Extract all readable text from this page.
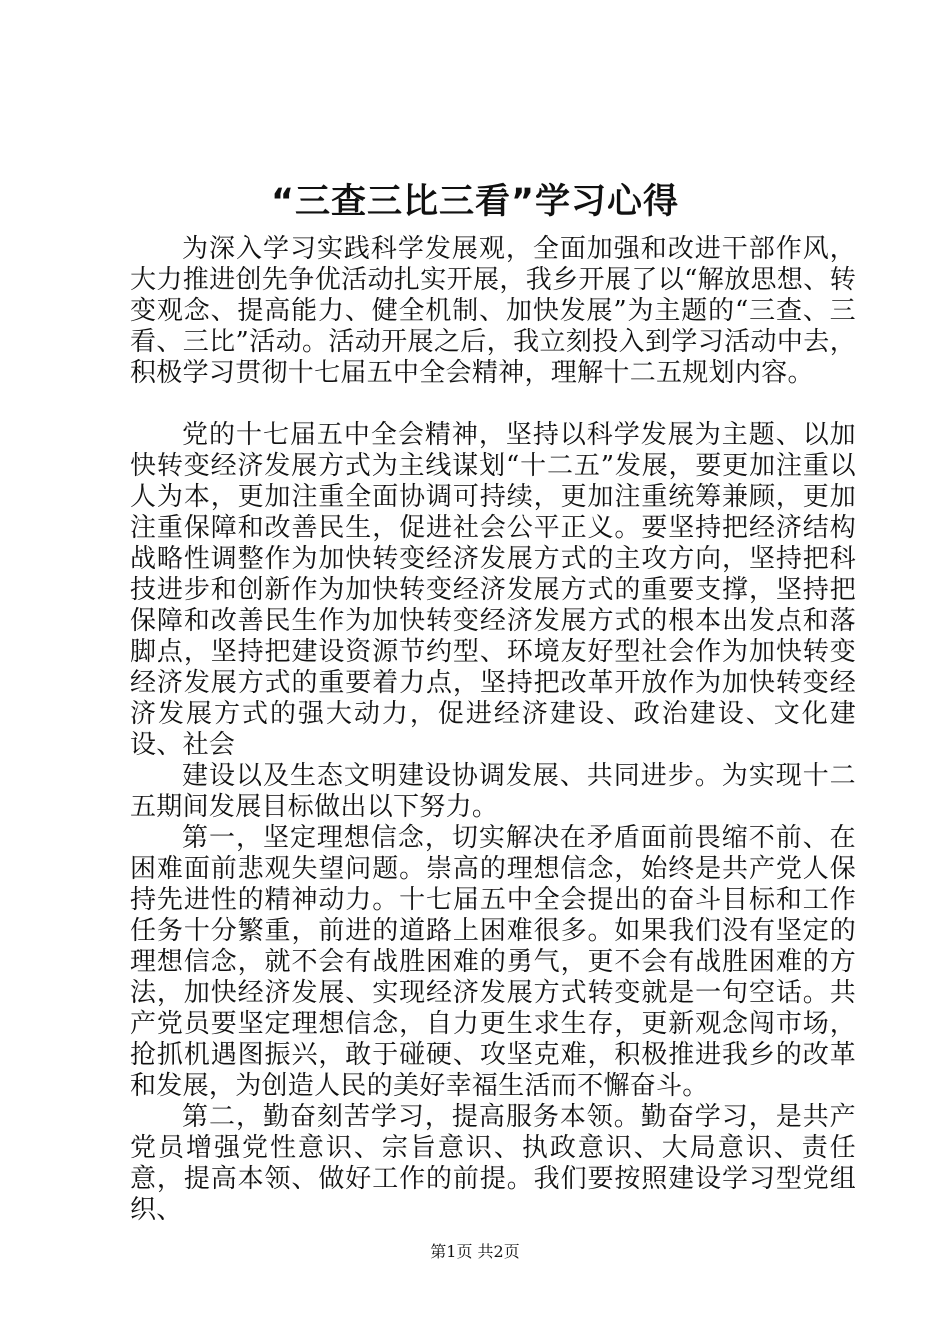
“三查三比三看”学习心得

为深入学习实践科学发展观，全面加强和改进干部作风，大力推进创先争优活动扎实开展，我乡开展了以“解放思想、转变观念、提高能力、健全机制、加快发展”为主题的“三查、三看、三比”活动。活动开展之后，我立刻投入到学习活动中去，积极学习贯彻十七届五中全会精神，理解十二五规划内容。

党的十七届五中全会精神，坚持以科学发展为主题、以加快转变经济发展方式为主线谋划“十二五”发展，要更加注重以人为本，更加注重全面协调可持续，更加注重统筹兼顾，更加注重保障和改善民生，促进社会公平正义。要坚持把经济结构战略性调整作为加快转变经济发展方式的主攻方向，坚持把科技进步和创新作为加快转变经济发展方式的重要支撑，坚持把保障和改善民生作为加快转变经济发展方式的根本出发点和落脚点，坚持把建设资源节约型、环境友好型社会作为加快转变经济发展方式的重要着力点，坚持把改革开放作为加快转变经济发展方式的强大动力，促进经济建设、政治建设、文化建设、社会

建设以及生态文明建设协调发展、共同进步。为实现十二五期间发展目标做出以下努力。

第一，坚定理想信念，切实解决在矛盾面前畏缩不前、在困难面前悲观失望问题。崇高的理想信念，始终是共产党人保持先进性的精神动力。十七届五中全会提出的奋斗目标和工作任务十分繁重，前进的道路上困难很多。如果我们没有坚定的理想信念，就不会有战胜困难的勇气，更不会有战胜困难的方法，加快经济发展、实现经济发展方式转变就是一句空话。共产党员要坚定理想信念，自力更生求生存，更新观念闯市场，抢抓机遇图振兴，敢于碰硬、攻坚克难，积极推进我乡的改革和发展，为创造人民的美好幸福生活而不懈奋斗。

第二，勤奋刻苦学习，提高服务本领。勤奋学习，是共产党员增强党性意识、宗旨意识、执政意识、大局意识、责任意，提高本领、做好工作的前提。我们要按照建设学习型党组织、

第1页 共2页
